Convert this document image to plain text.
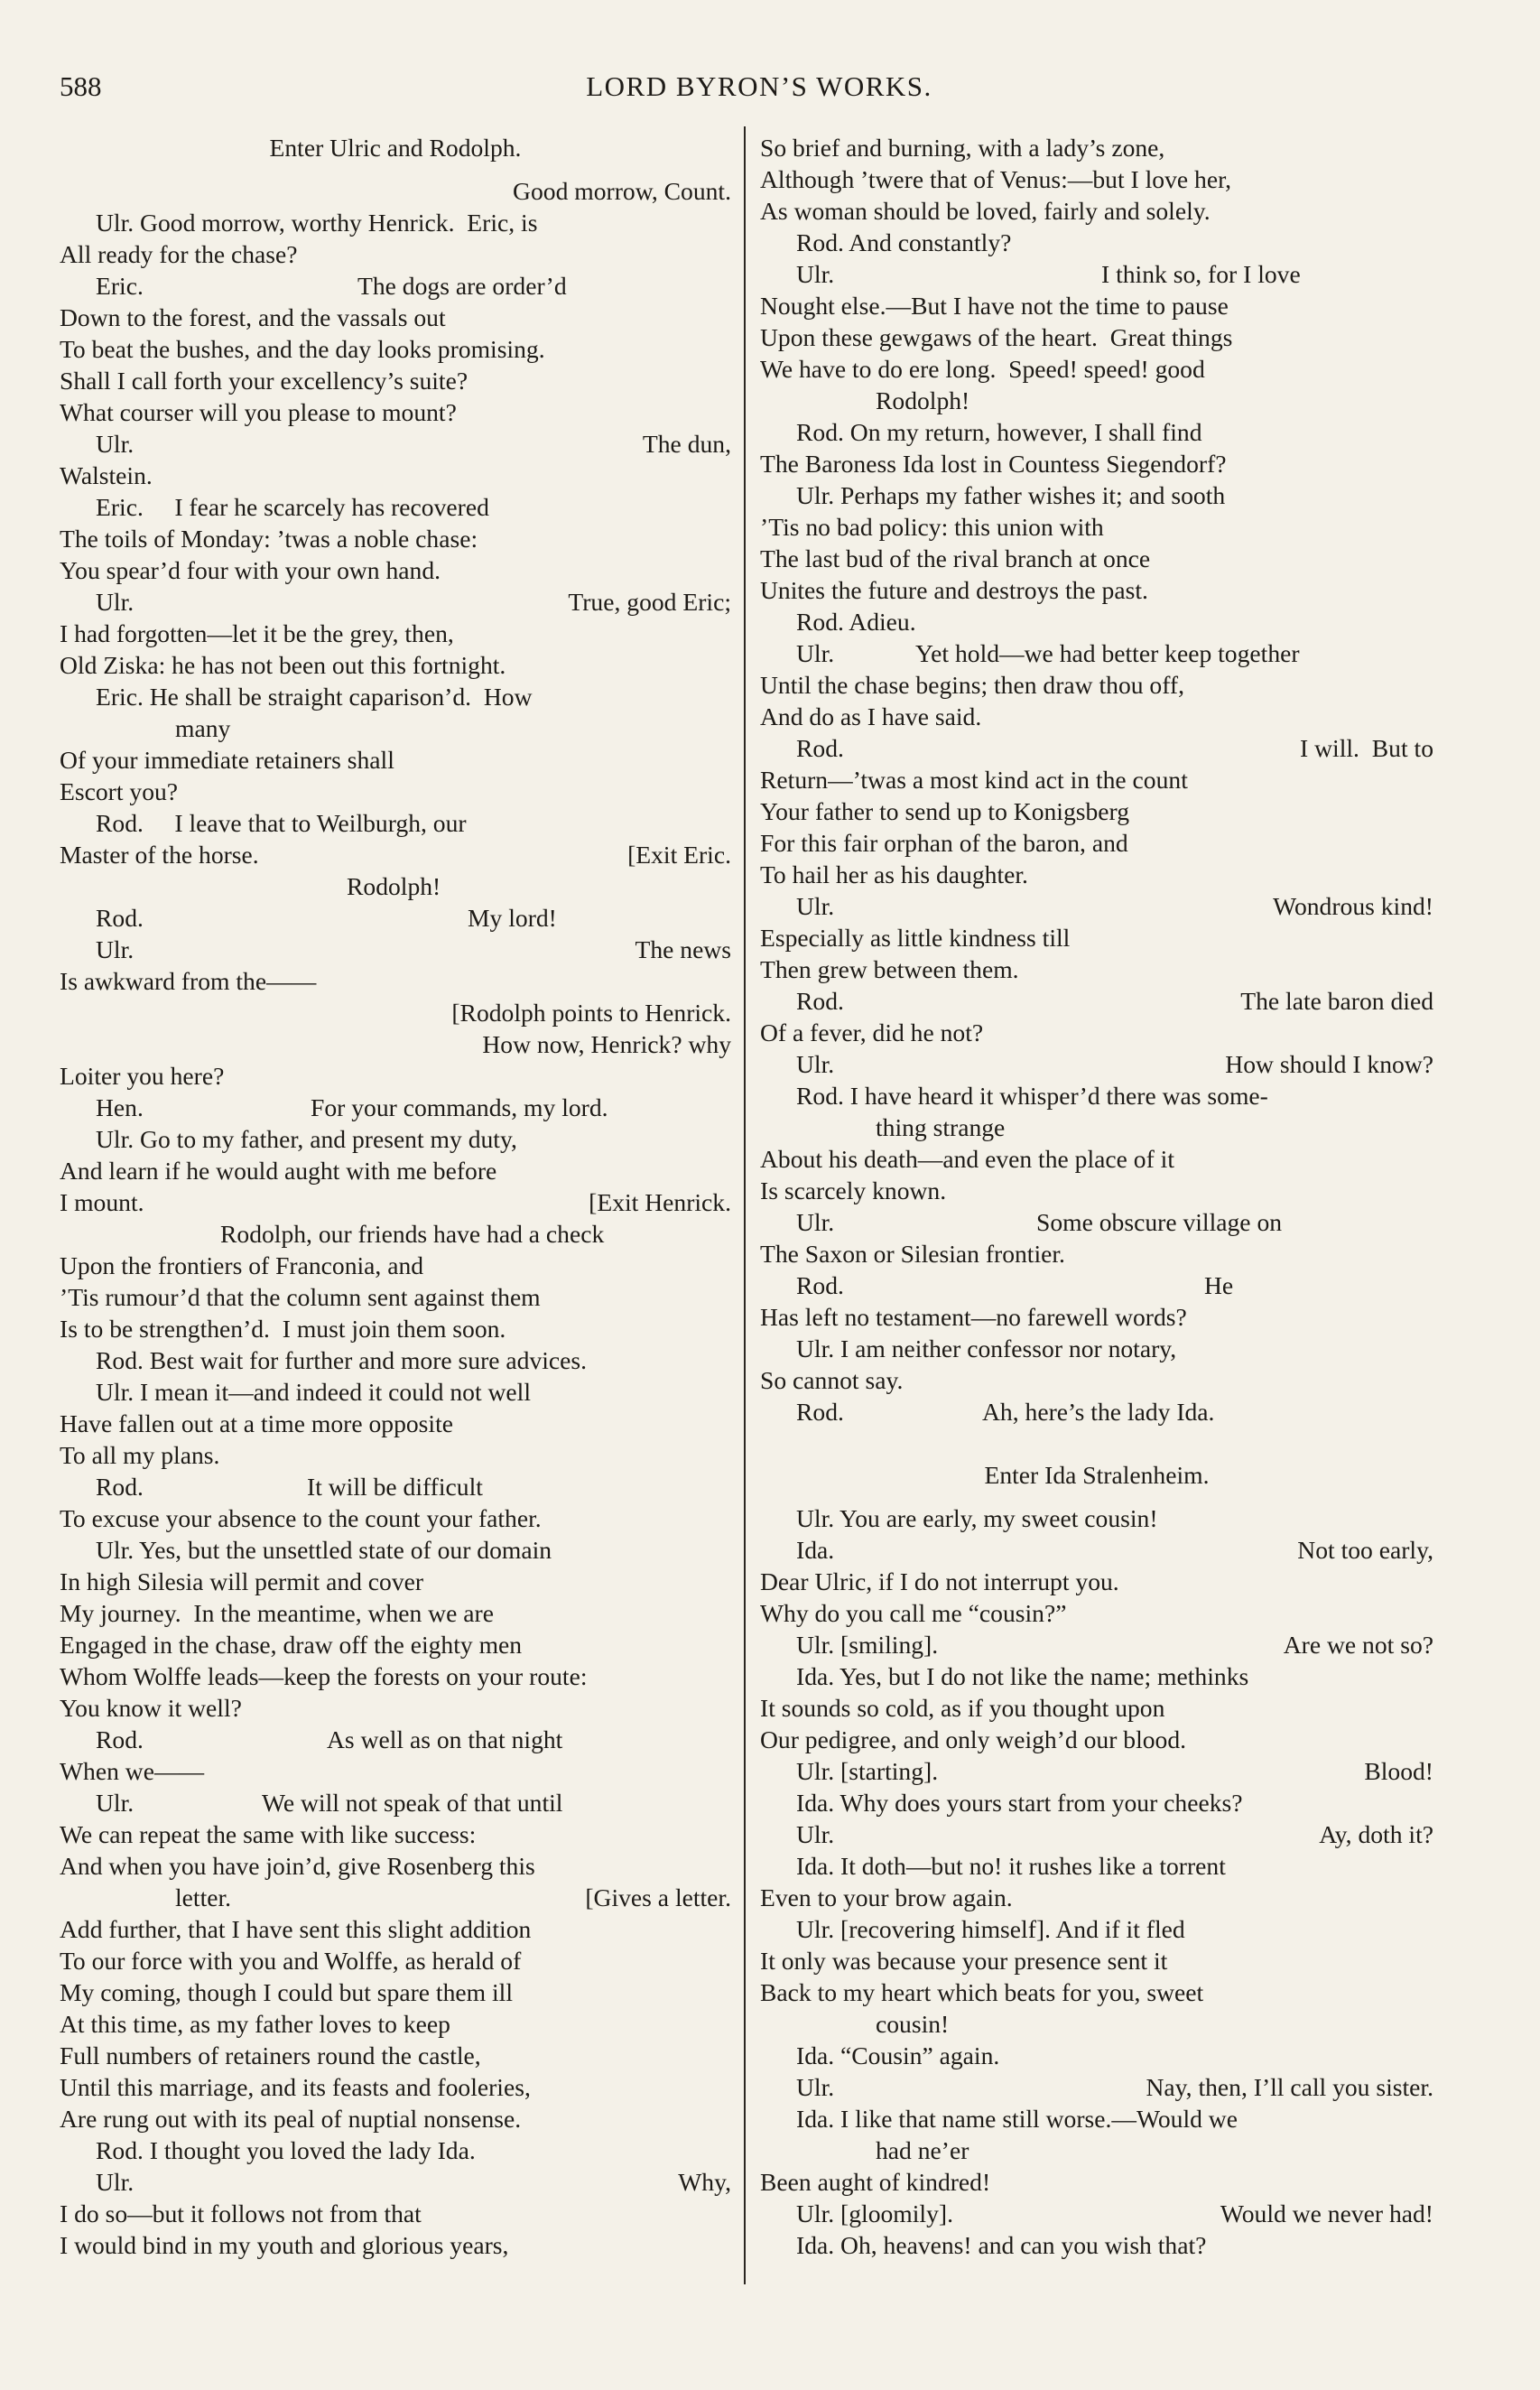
588	LORD BYRON’S WORKS.
Enter Ulric and Rodolph.
Good morrow, Count.
Ulr. Good morrow, worthy Henrick.  Eric, is
All ready for the chase?
Eric.	The dogs are order’d
Down to the forest, and the vassals out
To beat the bushes, and the day looks promising.
Shall I call forth your excellency’s suite?
What courser will you please to mount?
Ulr.	The dun,
Walstein.
Eric.     I fear he scarcely has recovered
The toils of Monday: ’twas a noble chase:
You spear’d four with your own hand.
Ulr.	True, good Eric;
I had forgotten—let it be the grey, then,
Old Ziska: he has not been out this fortnight.
Eric. He shall be straight caparison’d.  How
many
Of your immediate retainers shall
Escort you?
Rod.     I leave that to Weilburgh, our
Master of the horse.	[Exit Eric.
Rodolph!
Rod.	My lord!
Ulr.	The news
Is awkward from the——
[Rodolph points to Henrick.
How now, Henrick? why
Loiter you here?
Hen.	For your commands, my lord.
Ulr. Go to my father, and present my duty,
And learn if he would aught with me before
I mount.	[Exit Henrick.
Rodolph, our friends have had a check
Upon the frontiers of Franconia, and
’Tis rumour’d that the column sent against them
Is to be strengthen’d.  I must join them soon.
Rod. Best wait for further and more sure advices.
Ulr. I mean it—and indeed it could not well
Have fallen out at a time more opposite
To all my plans.
Rod.	It will be difficult
To excuse your absence to the count your father.
Ulr. Yes, but the unsettled state of our domain
In high Silesia will permit and cover
My journey.  In the meantime, when we are
Engaged in the chase, draw off the eighty men
Whom Wolffe leads—keep the forests on your route:
You know it well?
Rod.	As well as on that night
When we——
Ulr.	We will not speak of that until
We can repeat the same with like success:
And when you have join’d, give Rosenberg this
letter.	[Gives a letter.
Add further, that I have sent this slight addition
To our force with you and Wolffe, as herald of
My coming, though I could but spare them ill
At this time, as my father loves to keep
Full numbers of retainers round the castle,
Until this marriage, and its feasts and fooleries,
Are rung out with its peal of nuptial nonsense.
Rod. I thought you loved the lady Ida.
Ulr.	Why,
I do so—but it follows not from that
I would bind in my youth and glorious years,
So brief and burning, with a lady’s zone,
Although ’twere that of Venus:—but I love her,
As woman should be loved, fairly and solely.
Rod. And constantly?
Ulr.	I think so, for I love
Nought else.—But I have not the time to pause
Upon these gewgaws of the heart.  Great things
We have to do ere long.  Speed! speed! good
Rodolph!
Rod. On my return, however, I shall find
The Baroness Ida lost in Countess Siegendorf?
Ulr. Perhaps my father wishes it; and sooth
’Tis no bad policy: this union with
The last bud of the rival branch at once
Unites the future and destroys the past.
Rod. Adieu.
Ulr.	Yet hold—we had better keep together
Until the chase begins; then draw thou off,
And do as I have said.
Rod.	I will.  But to
Return—’twas a most kind act in the count
Your father to send up to Konigsberg
For this fair orphan of the baron, and
To hail her as his daughter.
Ulr.	Wondrous kind!
Especially as little kindness till
Then grew between them.
Rod.	The late baron died
Of a fever, did he not?
Ulr.	How should I know?
Rod. I have heard it whisper’d there was some-
thing strange
About his death—and even the place of it
Is scarcely known.
Ulr.	Some obscure village on
The Saxon or Silesian frontier.
Rod.	He
Has left no testament—no farewell words?
Ulr. I am neither confessor nor notary,
So cannot say.
Rod.	Ah, here’s the lady Ida.
Enter Ida Stralenheim.
Ulr. You are early, my sweet cousin!
Ida.	Not too early,
Dear Ulric, if I do not interrupt you.
Why do you call me “cousin?”
Ulr. [smiling].	Are we not so?
Ida. Yes, but I do not like the name; methinks
It sounds so cold, as if you thought upon
Our pedigree, and only weigh’d our blood.
Ulr. [starting].	Blood!
Ida. Why does yours start from your cheeks?
Ulr.	Ay, doth it?
Ida. It doth—but no! it rushes like a torrent
Even to your brow again.
Ulr. [recovering himself]. And if it fled
It only was because your presence sent it
Back to my heart which beats for you, sweet
cousin!
Ida. “Cousin” again.
Ulr.	Nay, then, I’ll call you sister.
Ida. I like that name still worse.—Would we
had ne’er
Been aught of kindred!
Ulr. [gloomily].	Would we never had!
Ida. Oh, heavens! and can you wish that?
